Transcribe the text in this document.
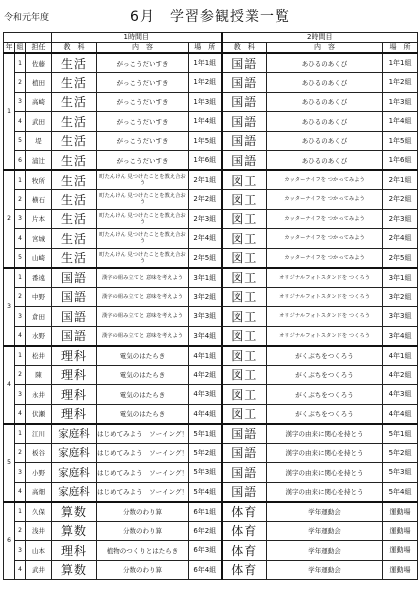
令和元年度	6月　学習参観授業一覧
			1時間目			2時間目		
年	組	担任	教　科	内　容	場　所	教　科	内　容	場　所
1	1	佐藤	生活	がっこうだいすき	1年1組	国語	あひるのあくび	1年1組
	2	植田	生活	がっこうだいすき	1年2組	国語	あひるのあくび	1年2組
	3	高崎	生活	がっこうだいすき	1年3組	国語	あひるのあくび	1年3組
	4	武田	生活	がっこうだいすき	1年4組	国語	あひるのあくび	1年4組
	5	堤	生活	がっこうだいすき	1年5組	国語	あひるのあくび	1年5組
	6	浦辻	生活	がっこうだいすき	1年6組	国語	あひるのあくび	1年6組
2	1	牧所	生活	町たんけん 見つけたことを教え合おう	2年1組	図工	カッターナイフを つかってみよう	2年1組
	2	横石	生活	町たんけん 見つけたことを教え合おう	2年2組	図工	カッターナイフを つかってみよう	2年2組
	3	片本	生活	町たんけん 見つけたことを教え合おう	2年3組	図工	カッターナイフを つかってみよう	2年3組
	4	宮城	生活	町たんけん 見つけたことを教え合おう	2年4組	図工	カッターナイフを つかってみよう	2年4組
	5	山崎	生活	町たんけん 見つけたことを教え合おう	2年5組	図工	カッターナイフを つかってみよう	2年5組
3	1	番遠	国語	漢字の組み立てと 意味を考えよう	3年1組	図工	オリジナルフォトスタンドを つくろう	3年1組
	2	中野	国語	漢字の組み立てと 意味を考えよう	3年2組	図工	オリジナルフォトスタンドを つくろう	3年2組
	3	倉田	国語	漢字の組み立てと 意味を考えよう	3年3組	図工	オリジナルフォトスタンドを つくろう	3年3組
	4	水野	国語	漢字の組み立てと 意味を考えよう	3年4組	図工	オリジナルフォトスタンドを つくろう	3年4組
4	1	松井	理科	電気のはたらき	4年1組	図工	がくぶちをつくろう	4年1組
	2	陳	理科	電気のはたらき	4年2組	図工	がくぶちをつくろう	4年2組
	3	永井	理科	電気のはたらき	4年3組	図工	がくぶちをつくろう	4年3組
	4	伏瀬	理科	電気のはたらき	4年4組	図工	がくぶちをつくろう	4年4組
5	1	江川	家庭科	はじめてみよう　ソーイング！	5年1組	国語	漢字の由来に関心を持とう	5年1組
	2	板谷	家庭科	はじめてみよう　ソーイング！	5年2組	国語	漢字の由来に関心を持とう	5年2組
	3	小野	家庭科	はじめてみよう　ソーイング！	5年3組	国語	漢字の由来に関心を持とう	5年3組
	4	高畑	家庭科	はじめてみよう　ソーイング！	5年4組	国語	漢字の由来に関心を持とう	5年4組
6	1	久保	算数	分数のわり算	6年1組	体育	学年運動会	運動場
	2	浅井	算数	分数のわり算	6年2組	体育	学年運動会	運動場
	3	山本	理科	植物のつくりとはたらき	6年3組	体育	学年運動会	運動場
	4	武井	算数	分数のわり算	6年4組	体育	学年運動会	運動場
